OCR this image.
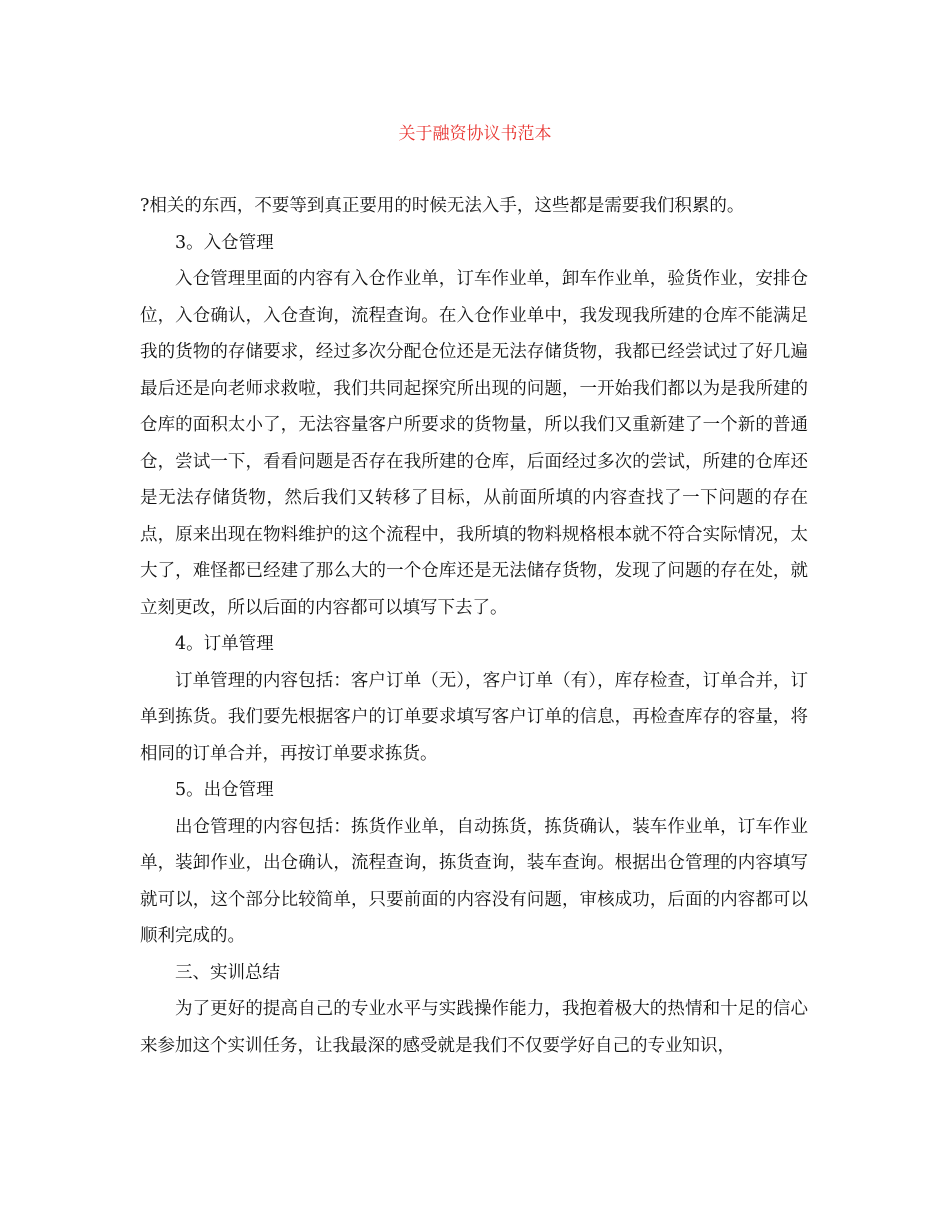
关于融资协议书范本

?相关的东西，不要等到真正要用的时候无法入手，这些都是需要我们积累的。

3。入仓管理

入仓管理里面的内容有入仓作业单，订车作业单，卸车作业单，验货作业，安排仓位，入仓确认，入仓查询，流程查询。在入仓作业单中，我发现我所建的仓库不能满足我的货物的存储要求，经过多次分配仓位还是无法存储货物，我都已经尝试过了好几遍最后还是向老师求救啦，我们共同起探究所出现的问题，一开始我们都以为是我所建的仓库的面积太小了，无法容量客户所要求的货物量，所以我们又重新建了一个新的普通仓，尝试一下，看看问题是否存在我所建的仓库，后面经过多次的尝试，所建的仓库还是无法存储货物，然后我们又转移了目标，从前面所填的内容查找了一下问题的存在点，原来出现在物料维护的这个流程中，我所填的物料规格根本就不符合实际情况，太大了，难怪都已经建了那么大的一个仓库还是无法储存货物，发现了问题的存在处，就立刻更改，所以后面的内容都可以填写下去了。

4。订单管理

订单管理的内容包括：客户订单（无），客户订单（有），库存检查，订单合并，订单到拣货。我们要先根据客户的订单要求填写客户订单的信息，再检查库存的容量，将相同的订单合并，再按订单要求拣货。

5。出仓管理

出仓管理的内容包括：拣货作业单，自动拣货，拣货确认，装车作业单，订车作业单，装卸作业，出仓确认，流程查询，拣货查询，装车查询。根据出仓管理的内容填写就可以，这个部分比较简单，只要前面的内容没有问题，审核成功，后面的内容都可以顺利完成的。

三、实训总结

为了更好的提高自己的专业水平与实践操作能力，我抱着极大的热情和十足的信心来参加这个实训任务，让我最深的感受就是我们不仅要学好自己的专业知识，
